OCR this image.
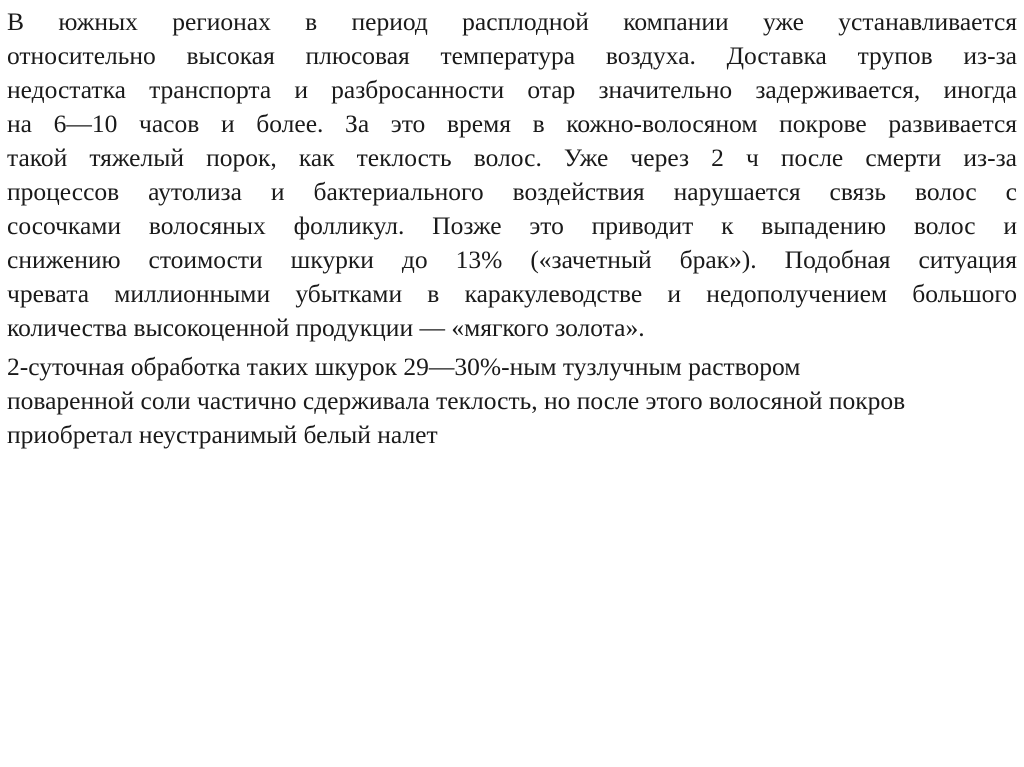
В южных регионах в период расплодной компании уже устанавливается
относительно высокая плюсовая температура воздуха. Доставка трупов из-за
недостатка транспорта и разбросанности отар значительно задерживается, иногда
на 6—10 часов и более. За это время в кожно-волосяном покрове развивается
такой тяжелый порок, как теклость волос. Уже через 2 ч после смерти из-за
процессов аутолиза и бактериального воздействия нарушается связь волос с
сосочками волосяных фолликул. Позже это приводит к выпадению волос и
снижению стоимости шкурки до 13% («зачетный брак»). Подобная ситуация
чревата миллионными убытками в каракулеводстве и недополучением большого
количества высокоценной продукции — «мягкого золота».

2-суточная обработка таких шкурок 29—30%-ным тузлучным раствором
поваренной соли частично сдерживала теклость, но после этого волосяной покров
приобретал неустранимый белый налет
